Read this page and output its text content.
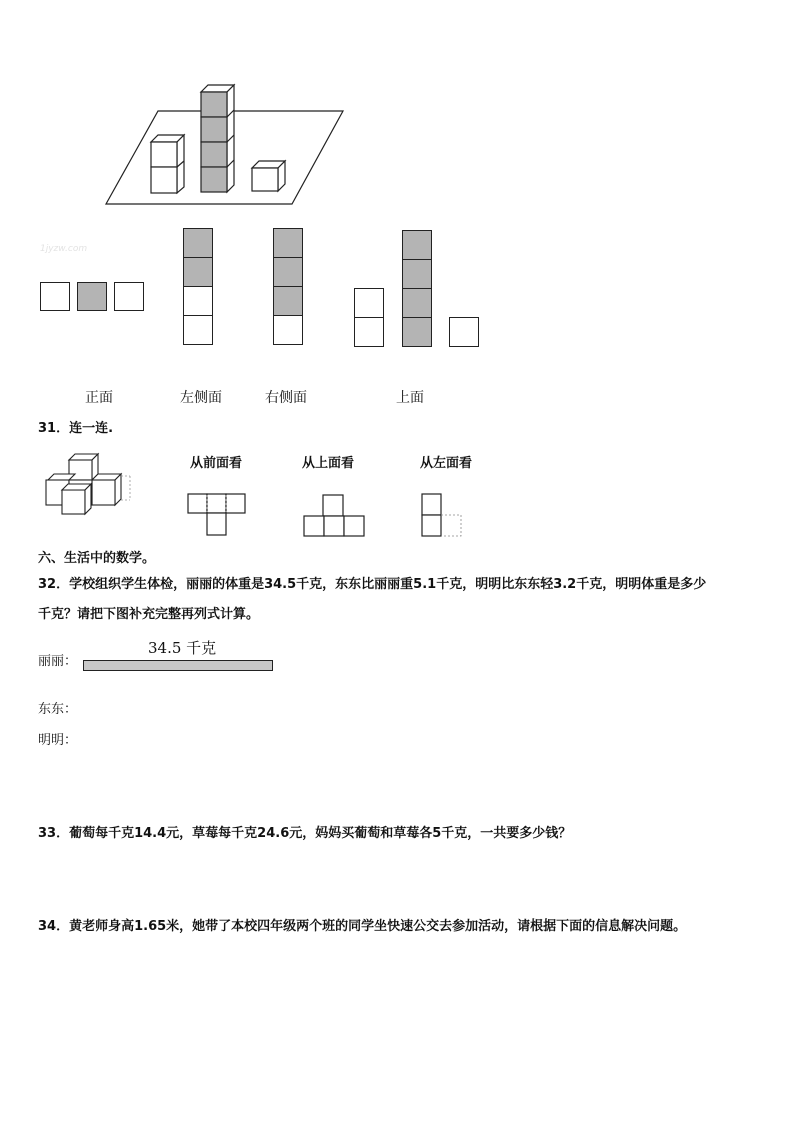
1jyzw.com
正面	左侧面	右侧面	上面
31．连一连.
从前面看	从上面看	从左面看
六、生活中的数学。
32．学校组织学生体检，丽丽的体重是34.5千克，东东比丽丽重5.1千克，明明比东东轻3.2千克，明明体重是多少
千克？请把下图补充完整再列式计算。
34.5 千克
丽丽：
东东：
明明：
33．葡萄每千克14.4元，草莓每千克24.6元，妈妈买葡萄和草莓各5千克，一共要多少钱？
34．黄老师身高1.65米，她带了本校四年级两个班的同学坐快速公交去参加活动，请根据下面的信息解决问题。
